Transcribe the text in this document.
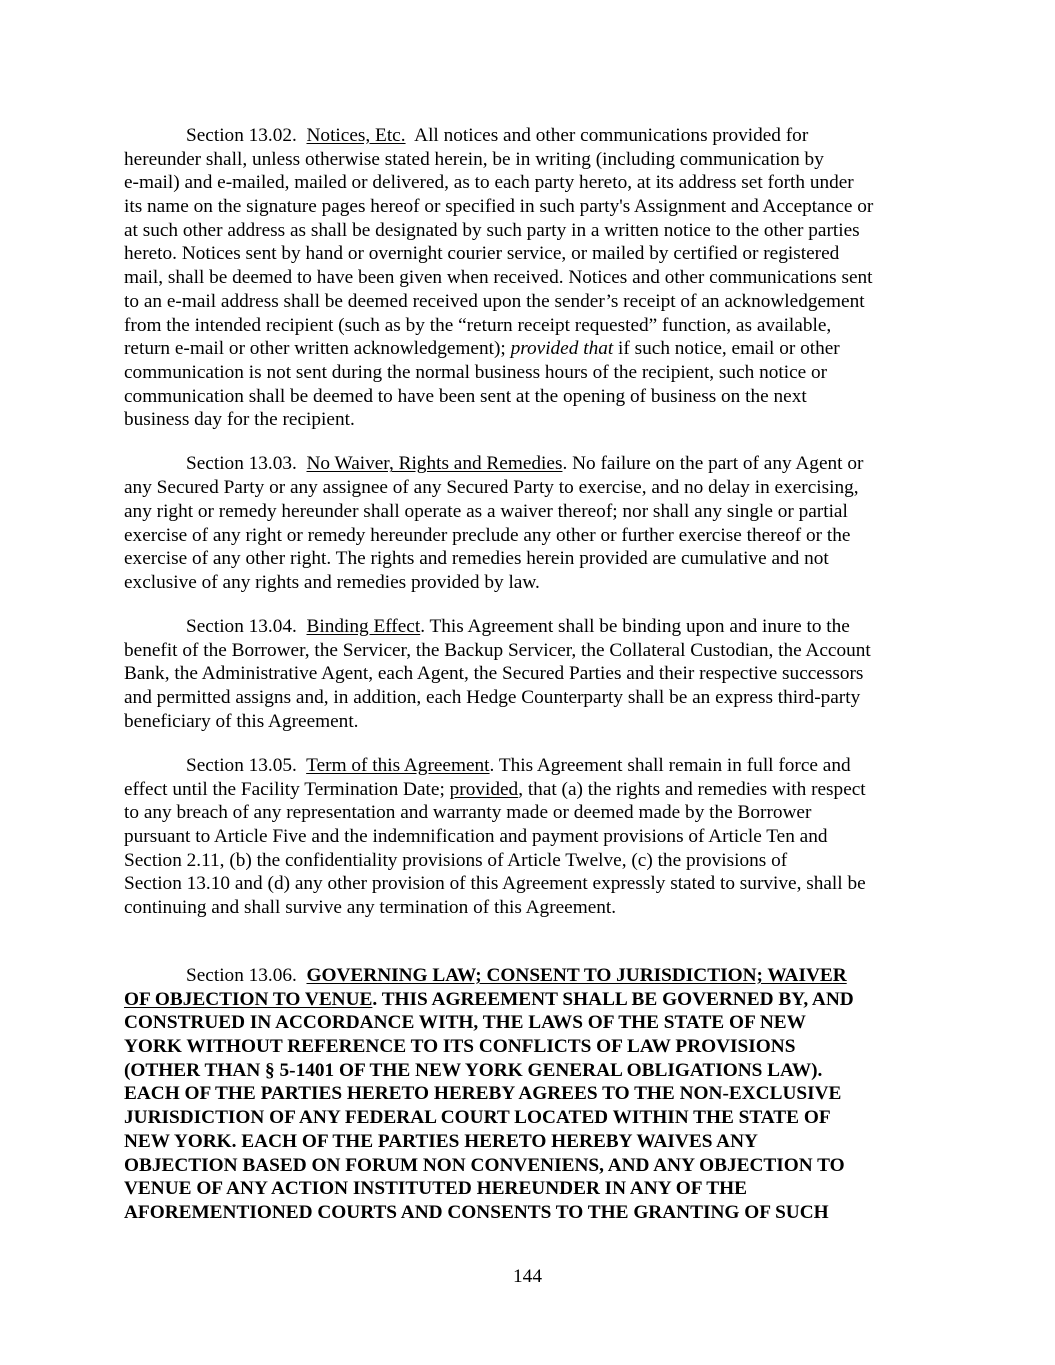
Section 13.02. Notices, Etc. All notices and other communications provided for
hereunder shall, unless otherwise stated herein, be in writing (including communication by
e-mail) and e-mailed, mailed or delivered, as to each party hereto, at its address set forth under
its name on the signature pages hereof or specified in such party's Assignment and Acceptance or
at such other address as shall be designated by such party in a written notice to the other parties
hereto. Notices sent by hand or overnight courier service, or mailed by certified or registered
mail, shall be deemed to have been given when received. Notices and other communications sent
to an e-mail address shall be deemed received upon the sender’s receipt of an acknowledgement
from the intended recipient (such as by the “return receipt requested” function, as available,
return e-mail or other written acknowledgement); provided that if such notice, email or other
communication is not sent during the normal business hours of the recipient, such notice or
communication shall be deemed to have been sent at the opening of business on the next
business day for the recipient.
Section 13.03. No Waiver, Rights and Remedies. No failure on the part of any Agent or
any Secured Party or any assignee of any Secured Party to exercise, and no delay in exercising,
any right or remedy hereunder shall operate as a waiver thereof; nor shall any single or partial
exercise of any right or remedy hereunder preclude any other or further exercise thereof or the
exercise of any other right. The rights and remedies herein provided are cumulative and not
exclusive of any rights and remedies provided by law.
Section 13.04. Binding Effect. This Agreement shall be binding upon and inure to the
benefit of the Borrower, the Servicer, the Backup Servicer, the Collateral Custodian, the Account
Bank, the Administrative Agent, each Agent, the Secured Parties and their respective successors
and permitted assigns and, in addition, each Hedge Counterparty shall be an express third-party
beneficiary of this Agreement.
Section 13.05. Term of this Agreement. This Agreement shall remain in full force and
effect until the Facility Termination Date; provided, that (a) the rights and remedies with respect
to any breach of any representation and warranty made or deemed made by the Borrower
pursuant to Article Five and the indemnification and payment provisions of Article Ten and
Section 2.11, (b) the confidentiality provisions of Article Twelve, (c) the provisions of
Section 13.10 and (d) any other provision of this Agreement expressly stated to survive, shall be
continuing and shall survive any termination of this Agreement.
Section 13.06. GOVERNING LAW; CONSENT TO JURISDICTION; WAIVER
OF OBJECTION TO VENUE. THIS AGREEMENT SHALL BE GOVERNED BY, AND
CONSTRUED IN ACCORDANCE WITH, THE LAWS OF THE STATE OF NEW
YORK WITHOUT REFERENCE TO ITS CONFLICTS OF LAW PROVISIONS
(OTHER THAN § 5-1401 OF THE NEW YORK GENERAL OBLIGATIONS LAW).
EACH OF THE PARTIES HERETO HEREBY AGREES TO THE NON-EXCLUSIVE
JURISDICTION OF ANY FEDERAL COURT LOCATED WITHIN THE STATE OF
NEW YORK. EACH OF THE PARTIES HERETO HEREBY WAIVES ANY
OBJECTION BASED ON FORUM NON CONVENIENS, AND ANY OBJECTION TO
VENUE OF ANY ACTION INSTITUTED HEREUNDER IN ANY OF THE
AFOREMENTIONED COURTS AND CONSENTS TO THE GRANTING OF SUCH
144
